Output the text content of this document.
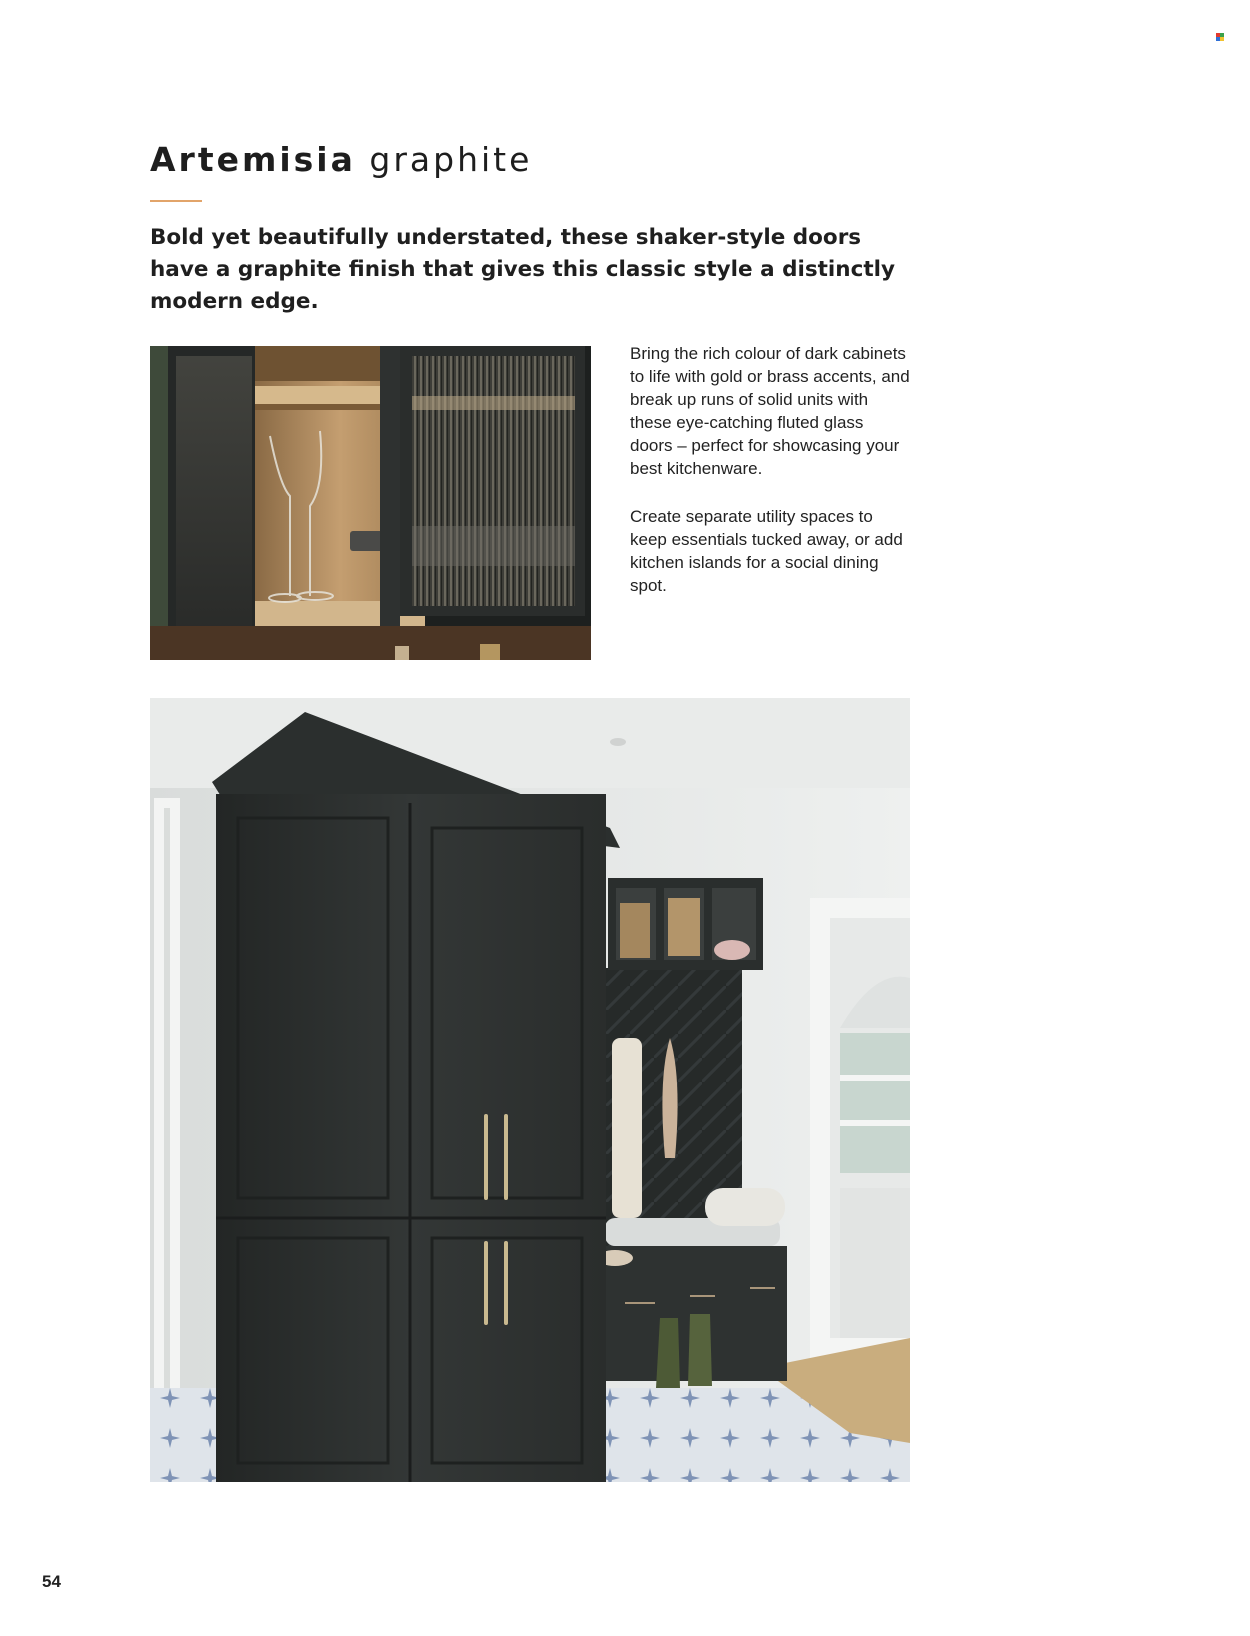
Artemisia graphite

Bold yet beautifully understated, these shaker-style doors have a graphite finish that gives this classic style a distinctly modern edge.

Bring the rich colour of dark cabinets to life with gold or brass accents, and break up runs of solid units with these eye-catching fluted glass doors – perfect for showcasing your best kitchenware.

Create separate utility spaces to keep essentials tucked away, or add kitchen islands for a social dining spot.

54
